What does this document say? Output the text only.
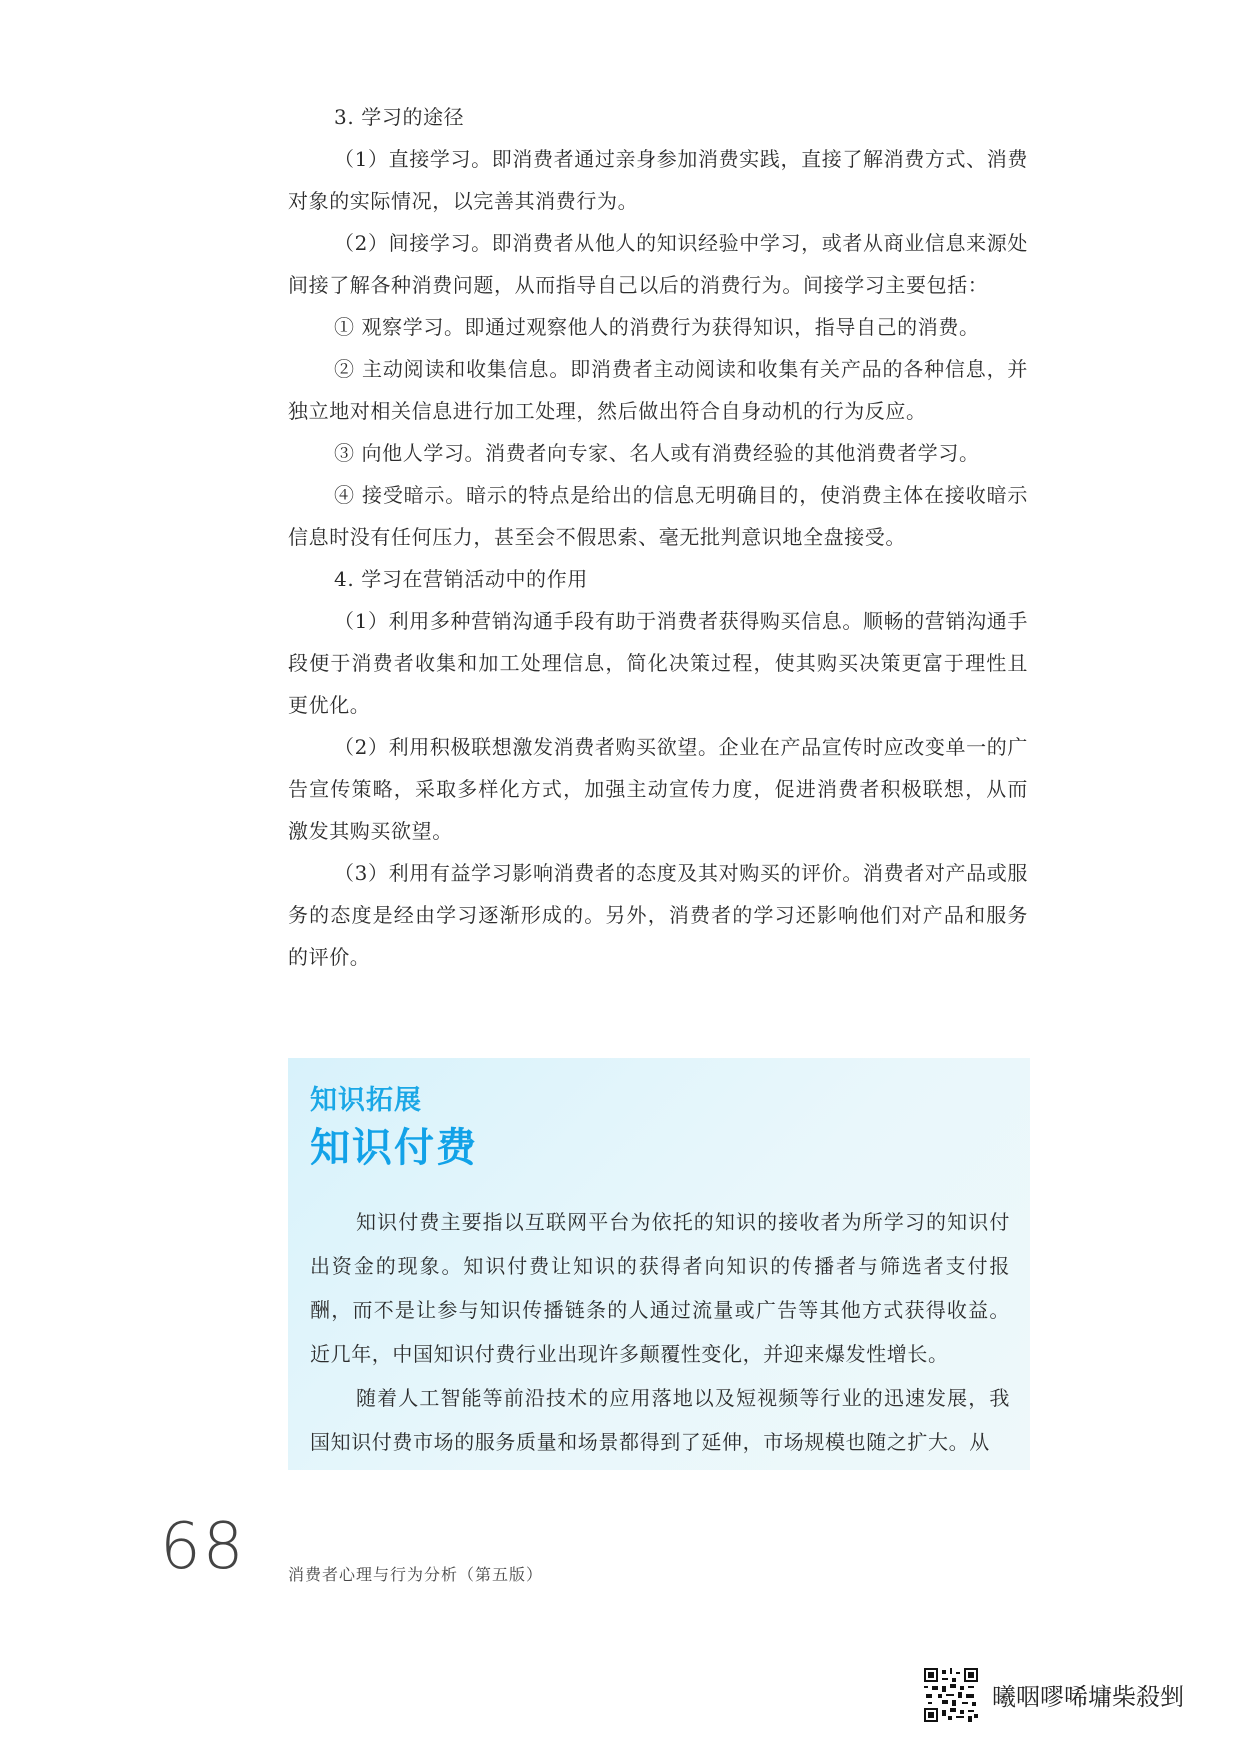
3. 学习的途径

（1）直接学习。即消费者通过亲身参加消费实践，直接了解消费方式、消费对象的实际情况，以完善其消费行为。

（2）间接学习。即消费者从他人的知识经验中学习，或者从商业信息来源处间接了解各种消费问题，从而指导自己以后的消费行为。间接学习主要包括：

① 观察学习。即通过观察他人的消费行为获得知识，指导自己的消费。

② 主动阅读和收集信息。即消费者主动阅读和收集有关产品的各种信息，并独立地对相关信息进行加工处理，然后做出符合自身动机的行为反应。

③ 向他人学习。消费者向专家、名人或有消费经验的其他消费者学习。

④ 接受暗示。暗示的特点是给出的信息无明确目的，使消费主体在接收暗示信息时没有任何压力，甚至会不假思索、毫无批判意识地全盘接受。

4. 学习在营销活动中的作用

（1）利用多种营销沟通手段有助于消费者获得购买信息。顺畅的营销沟通手段便于消费者收集和加工处理信息，简化决策过程，使其购买决策更富于理性且更优化。

（2）利用积极联想激发消费者购买欲望。企业在产品宣传时应改变单一的广告宣传策略，采取多样化方式，加强主动宣传力度，促进消费者积极联想，从而激发其购买欲望。

（3）利用有益学习影响消费者的态度及其对购买的评价。消费者对产品或服务的态度是经由学习逐渐形成的。另外，消费者的学习还影响他们对产品和服务的评价。

知识拓展
知识付费

知识付费主要指以互联网平台为依托的知识的接收者为所学习的知识付出资金的现象。知识付费让知识的获得者向知识的传播者与筛选者支付报酬，而不是让参与知识传播链条的人通过流量或广告等其他方式获得收益。近几年，中国知识付费行业出现许多颠覆性变化，并迎来爆发性增长。

随着人工智能等前沿技术的应用落地以及短视频等行业的迅速发展，我国知识付费市场的服务质量和场景都得到了延伸，市场规模也随之扩大。从

68	消费者心理与行为分析（第五版）
曦咽嘐唏墉柴殺剉
